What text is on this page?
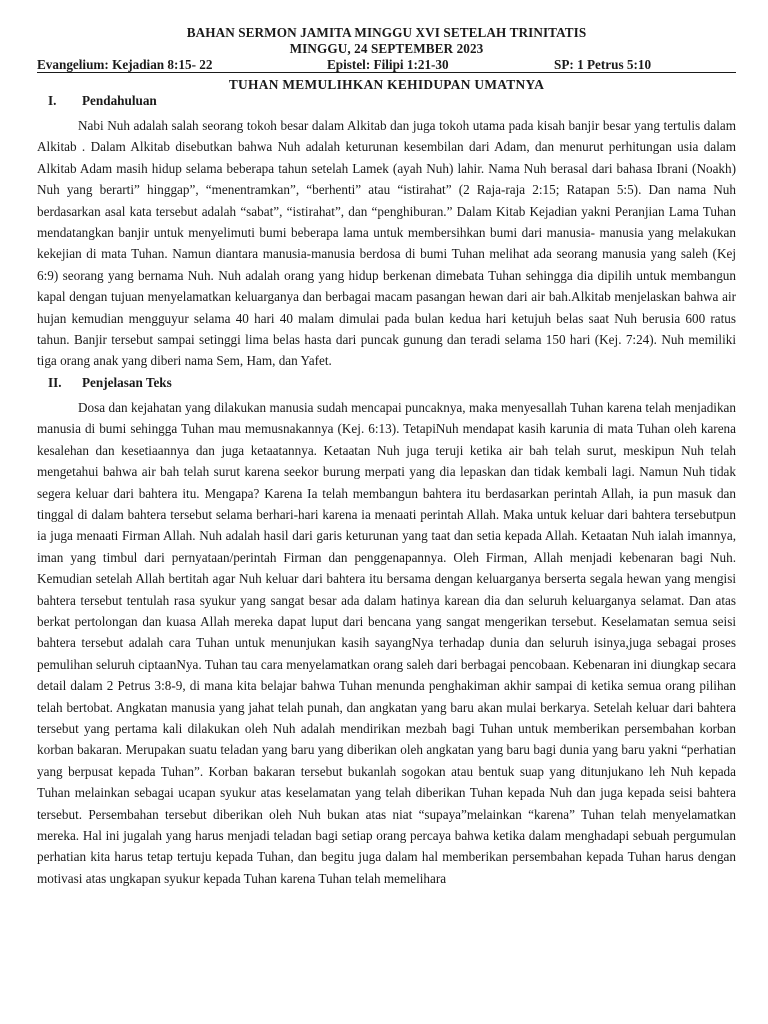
BAHAN SERMON JAMITA MINGGU XVI SETELAH TRINITATIS
MINGGU, 24 SEPTEMBER 2023
Evangelium: Kejadian 8:15- 22	Epistel: Filipi 1:21-30	SP: 1 Petrus 5:10
TUHAN MEMULIHKAN KEHIDUPAN UMATNYA
I. Pendahuluan

Nabi Nuh adalah salah seorang tokoh besar dalam Alkitab dan juga tokoh utama pada kisah banjir besar yang tertulis dalam Alkitab . Dalam Alkitab disebutkan bahwa Nuh adalah keturunan kesembilan dari Adam, dan menurut perhitungan usia dalam Alkitab Adam masih hidup selama beberapa tahun setelah Lamek (ayah Nuh) lahir. Nama Nuh berasal dari bahasa Ibrani (Noakh) Nuh yang berarti” hinggap”, “menentramkan”, “berhenti” atau “istirahat” (2 Raja-raja 2:15; Ratapan 5:5). Dan nama Nuh berdasarkan asal kata tersebut adalah “sabat”, “istirahat”, dan “penghiburan.” Dalam Kitab Kejadian yakni Peranjian Lama Tuhan mendatangkan banjir untuk menyelimuti bumi beberapa lama untuk membersihkan bumi dari manusia- manusia yang melakukan kekejian di mata Tuhan. Namun diantara manusia-manusia berdosa di bumi Tuhan melihat ada seorang manusia yang saleh (Kej 6:9) seorang yang bernama Nuh. Nuh adalah orang yang hidup berkenan dimebata Tuhan sehingga dia dipilih untuk membangun kapal dengan tujuan menyelamatkan keluarganya dan berbagai macam pasangan hewan dari air bah.Alkitab menjelaskan bahwa air hujan kemudian mengguyur selama 40 hari 40 malam dimulai pada bulan kedua hari ketujuh belas saat Nuh berusia 600 ratus tahun. Banjir tersebut sampai setinggi lima belas hasta dari puncak gunung dan teradi selama 150 hari (Kej. 7:24). Nuh memiliki tiga orang anak yang diberi nama Sem, Ham, dan Yafet.

II. Penjelasan Teks

Dosa dan kejahatan yang dilakukan manusia sudah mencapai puncaknya, maka menyesallah Tuhan karena telah menjadikan manusia di bumi sehingga Tuhan mau memusnakannya (Kej. 6:13). TetapiNuh mendapat kasih karunia di mata Tuhan oleh karena kesalehan dan kesetiaannya dan juga ketaatannya. Ketaatan Nuh juga teruji ketika air bah telah surut, meskipun Nuh telah mengetahui bahwa air bah telah surut karena seekor burung merpati yang dia lepaskan dan tidak kembali lagi. Namun Nuh tidak segera keluar dari bahtera itu. Mengapa? Karena Ia telah membangun bahtera itu berdasarkan perintah Allah, ia pun masuk dan tinggal di dalam bahtera tersebut selama berhari-hari karena ia menaati perintah Allah. Maka untuk keluar dari bahtera tersebutpun ia juga menaati Firman Allah. Nuh adalah hasil dari garis keturunan yang taat dan setia kepada Allah. Ketaatan Nuh ialah imannya, iman yang timbul dari pernyataan/perintah Firman dan penggenapannya. Oleh Firman, Allah menjadi kebenaran bagi Nuh. Kemudian setelah Allah bertitah agar Nuh keluar dari bahtera itu bersama dengan keluarganya berserta segala hewan yang mengisi bahtera tersebut tentulah rasa syukur yang sangat besar ada dalam hatinya karean dia dan seluruh keluarganya selamat. Dan atas berkat pertolongan dan kuasa Allah mereka dapat luput dari bencana yang sangat mengerikan tersebut. Keselamatan semua seisi bahtera tersebut adalah cara Tuhan untuk menunjukan kasih sayangNya terhadap dunia dan seluruh isinya,juga sebagai proses pemulihan seluruh ciptaanNya. Tuhan tau cara menyelamatkan orang saleh dari berbagai pencobaan. Kebenaran ini diungkap secara detail dalam 2 Petrus 3:8-9, di mana kita belajar bahwa Tuhan menunda penghakiman akhir sampai di ketika semua orang pilihan telah bertobat. Angkatan manusia yang jahat telah punah, dan angkatan yang baru akan mulai berkarya. Setelah keluar dari bahtera tersebut yang pertama kali dilakukan oleh Nuh adalah mendirikan mezbah bagi Tuhan untuk memberikan persembahan korban korban bakaran. Merupakan suatu teladan yang baru yang diberikan oleh angkatan yang baru bagi dunia yang baru yakni “perhatian yang berpusat kepada Tuhan”. Korban bakaran tersebut bukanlah sogokan atau bentuk suap yang ditunjukano leh Nuh kepada Tuhan melainkan sebagai ucapan syukur atas keselamatan yang telah diberikan Tuhan kepada Nuh dan juga kepada seisi bahtera tersebut. Persembahan tersebut diberikan oleh Nuh bukan atas niat “supaya”melainkan “karena” Tuhan telah menyelamatkan mereka. Hal ini jugalah yang harus menjadi teladan bagi setiap orang percaya bahwa ketika dalam menghadapi sebuah pergumulan perhatian kita harus tetap tertuju kepada Tuhan, dan begitu juga dalam hal memberikan persembahan kepada Tuhan harus dengan motivasi atas ungkapan syukur kepada Tuhan karena Tuhan telah memelihara
